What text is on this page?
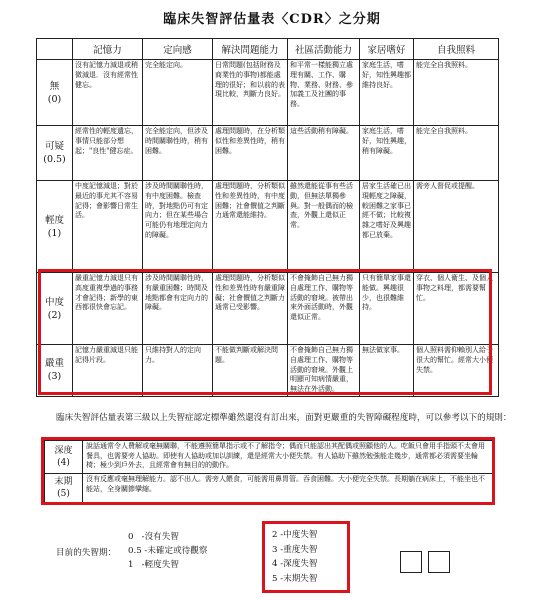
臨床失智評估量表〈CDR〉之分期
	記憶力	定向感	解決問題能力	社區活動能力	家居嗜好	自我照料

無
(0)	沒有記憶力減退或稍微減退．沒有經常性健忘。	完全能定向。	日常問題(包括財務及商業性的事物)都能處理的很好；和以前的表現比較，判斷力良好。	和平常一樣能獨立處理有關、工作、購物、業務、財務、參加義工及社團的事務。	家庭生活，嗜好，知性興趣都維持良好。	能完全自我照料。

可疑
(0.5)	經常性的輕度遺忘，事情只能部分想起；"良性"健忘症。	完全能定向，但涉及時間關聯性時，稍有困難。	處理問題時，在分析類似性和差異性時，稍有困難。	這些活動稍有障礙。	家庭生活，嗜好，知性興趣，稍有障礙。	能完全自我照料。

輕度
(1)	中度記憶減退；對於最近的事尤其不容易記得；會影響日常生活。	涉及時間關聯性時，有中度困難。檢查時，對地點仍可有定向力；但在某些場合可能仍有地理定向力的障礙。	處理問題時，分析類似性和差異性時，有中度困難；社會價值之判斷力通常還能維持。	雖然還能從事有些活動，但無法單獨參與。對一般偶而的檢查，外觀上還似正常。	居家生活確已出現輕度之障礙，較困難之家事已經不做；比較複雜之嗜好及興趣都已放棄。	需旁人督促或提醒。

中度
(2)	嚴重記憶力減退只有高度重複學過的事務才會記得；新學的東西都很快會忘記。	涉及時間關聯性時，有嚴重困難；時間及地點都會有定向力的障礙。	處理問題時，分析類似性和差異性時有嚴重障礙；社會價值之判斷力通常已受影響。	不會掩飾自己無力獨自處理工作、購物等活動的窘境。被帶出來外面活動時，外觀還似正常。	只有簡單家事還能做。興趣很少，也很難維持。	穿衣、個人衛生、及個人事物之料理，都需要幫忙。

嚴重
(3)	記憶力嚴重減退只能記得片段。	只維持對人的定向力。	不能做判斷或解決問題。	不會掩飾自己無力獨自處理工作、購物等活動的窘境。外觀上明顯可知病情嚴重，無法在外活動。	無法做家事。	個人照料需仰賴別人給予很大的幫忙。經常大小便失禁。
臨床失智評估量表第三級以上失智症認定標準雖然還沒有訂出來，面對更嚴重的失智障礙程度時，可以參考以下的規則：
深度
(4)	說話通常令人費解或毫無關聯，不能遵照簡單指示或不了解指令；偶而只能認出其配偶或照顧他的人。吃飯只會用手指頭不太會用餐具，也需要旁人協助。即使有人協助或加以訓練，還是經常大小便失禁。有人協助下雖然勉強能走幾步，通常都必須需要坐輪椅；極少到戶外去，且經常會有無目的的動作。

末期
(5)	沒有反應或毫無理解能力。認不出人。需旁人餵食，可能需用鼻胃管。吞食困難。大小便完全失禁。長期躺在病床上，不能坐也不能站，全身關節攣縮。
目前的失智期：
0   -沒有失智
0.5 -未確定或待觀察
1   -輕度失智
2 -中度失智
3 -重度失智
4 -深度失智
5 -末期失智
